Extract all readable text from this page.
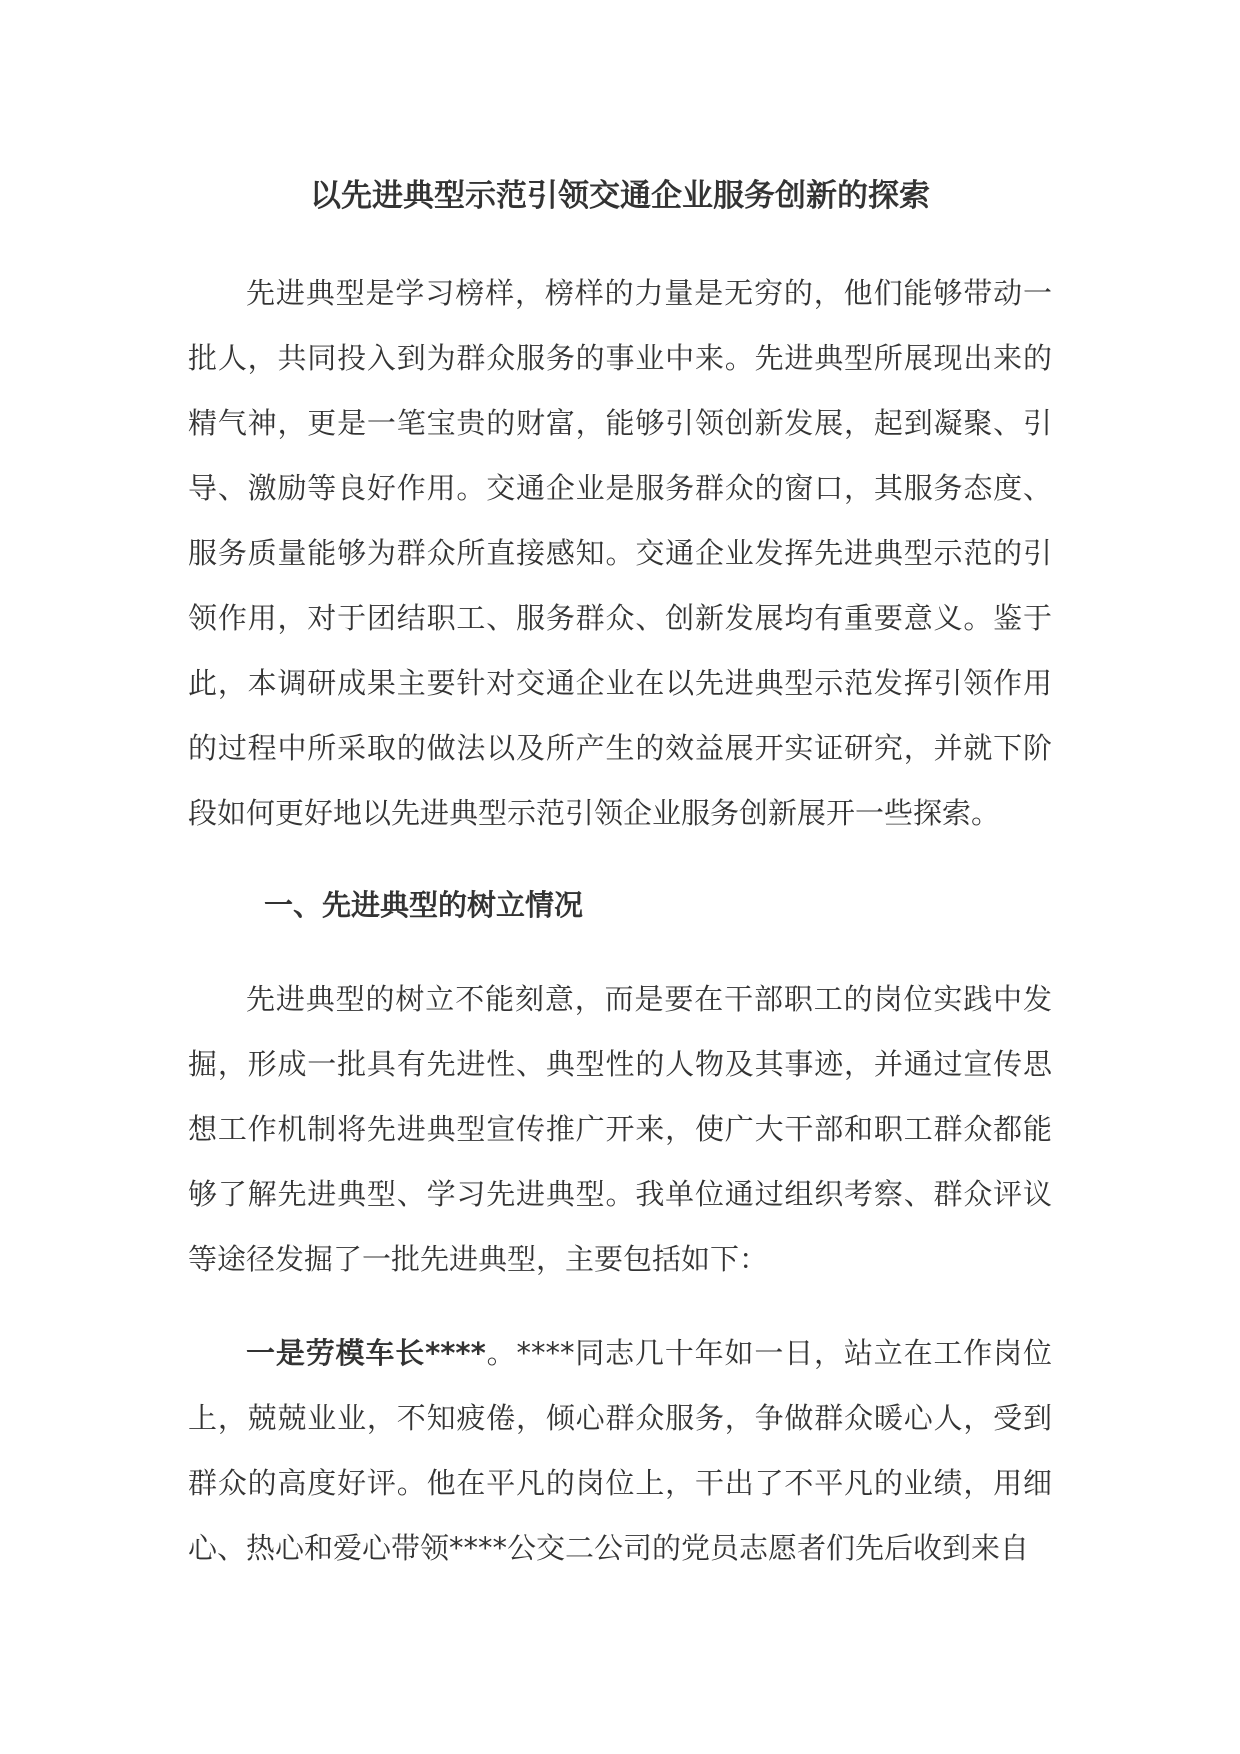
以先进典型示范引领交通企业服务创新的探索

先进典型是学习榜样，榜样的力量是无穷的，他们能够带动一批人，共同投入到为群众服务的事业中来。先进典型所展现出来的精气神，更是一笔宝贵的财富，能够引领创新发展，起到凝聚、引导、激励等良好作用。交通企业是服务群众的窗口，其服务态度、服务质量能够为群众所直接感知。交通企业发挥先进典型示范的引领作用，对于团结职工、服务群众、创新发展均有重要意义。鉴于此，本调研成果主要针对交通企业在以先进典型示范发挥引领作用的过程中所采取的做法以及所产生的效益展开实证研究，并就下阶段如何更好地以先进典型示范引领企业服务创新展开一些探索。

一、先进典型的树立情况

先进典型的树立不能刻意，而是要在干部职工的岗位实践中发掘，形成一批具有先进性、典型性的人物及其事迹，并通过宣传思想工作机制将先进典型宣传推广开来，使广大干部和职工群众都能够了解先进典型、学习先进典型。我单位通过组织考察、群众评议等途径发掘了一批先进典型，主要包括如下：

一是劳模车长****。****同志几十年如一日，站立在工作岗位上，兢兢业业，不知疲倦，倾心群众服务，争做群众暖心人，受到群众的高度好评。他在平凡的岗位上，干出了不平凡的业绩，用细心、热心和爱心带领****公交二公司的党员志愿者们先后收到来自
